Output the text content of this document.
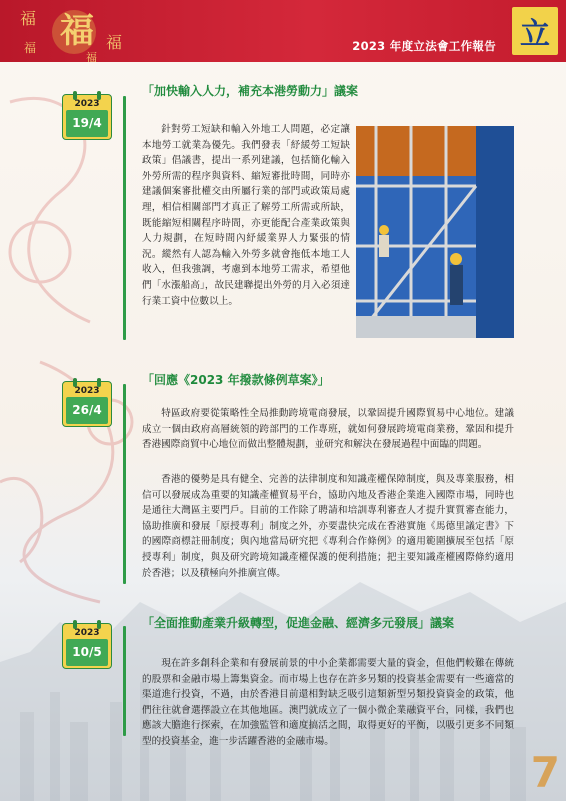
福
福
福
福
福
2023 年度立法會工作報告 立
2023
19/4
「加快輸入人力，補充本港勞動力」議案
針對勞工短缺和輸入外地工人問題，必定讓本地勞工就業為優先。我們發表「紓緩勞工短缺政策」倡議書，提出一系列建議，包括簡化輸入外勞所需的程序與資料、縮短審批時間，同時亦建議個案審批權交由所屬行業的部門或政策局處理，相信相關部門才真正了解勞工所需或所缺，既能縮短相關程序時間，亦更能配合產業政策與人力規劃，在短時間內紓緩業界人力緊張的情況。縱然有人認為輸入外勞多就會拖低本地工人收入，但我強調，考慮到本地勞工需求，希望他們「水漲船高」，故民建聯提出外勞的月入必須達行業工資中位數以上。
2023
26/4
「回應《2023 年撥款條例草案》」
特區政府要從策略性全局推動跨境電商發展，以鞏固提升國際貿易中心地位。建議成立一個由政府高層統領的跨部門的工作專班，就如何發展跨境電商業務，鞏固和提升香港國際商貿中心地位而做出整體規劃，並研究和解決在發展過程中面臨的問題。
香港的優勢是具有健全、完善的法律制度和知識產權保障制度，與及專業服務，相信可以發展成為重要的知識產權貿易平台，協助內地及香港企業進入國際市場，同時也是通往大灣區主要門戶。目前的工作除了聘請和培訓專利審查人才提升實質審查能力，協助推廣和發展「原授專利」制度之外，亦要盡快完成在香港實施《馬德里議定書》下的國際商標註冊制度；與內地當局研究把《專利合作條例》的適用範圍擴展至包括「原授專利」制度，與及研究跨境知識產權保護的便利措施；把主要知識產權國際條約適用於香港；以及積極向外推廣宣傳。
2023
10/5
「全面推動產業升級轉型，促進金融、經濟多元發展」議案
現在許多創科企業和有發展前景的中小企業都需要大量的資金，但他們較難在傳統的股票和金融市場上籌集資金。而市場上也存在許多另類的投資基金需要有一些適當的渠道進行投資，不過，由於香港目前還相對缺乏吸引這類新型另類投資資金的政策，他們往往就會選擇設立在其他地區。澳門就成立了一個小微企業融資平台，同樣，我們也應該大膽進行探索，在加強監管和適度搞活之間，取得更好的平衡，以吸引更多不同類型的投資基金，進一步活躍香港的金融市場。
7
